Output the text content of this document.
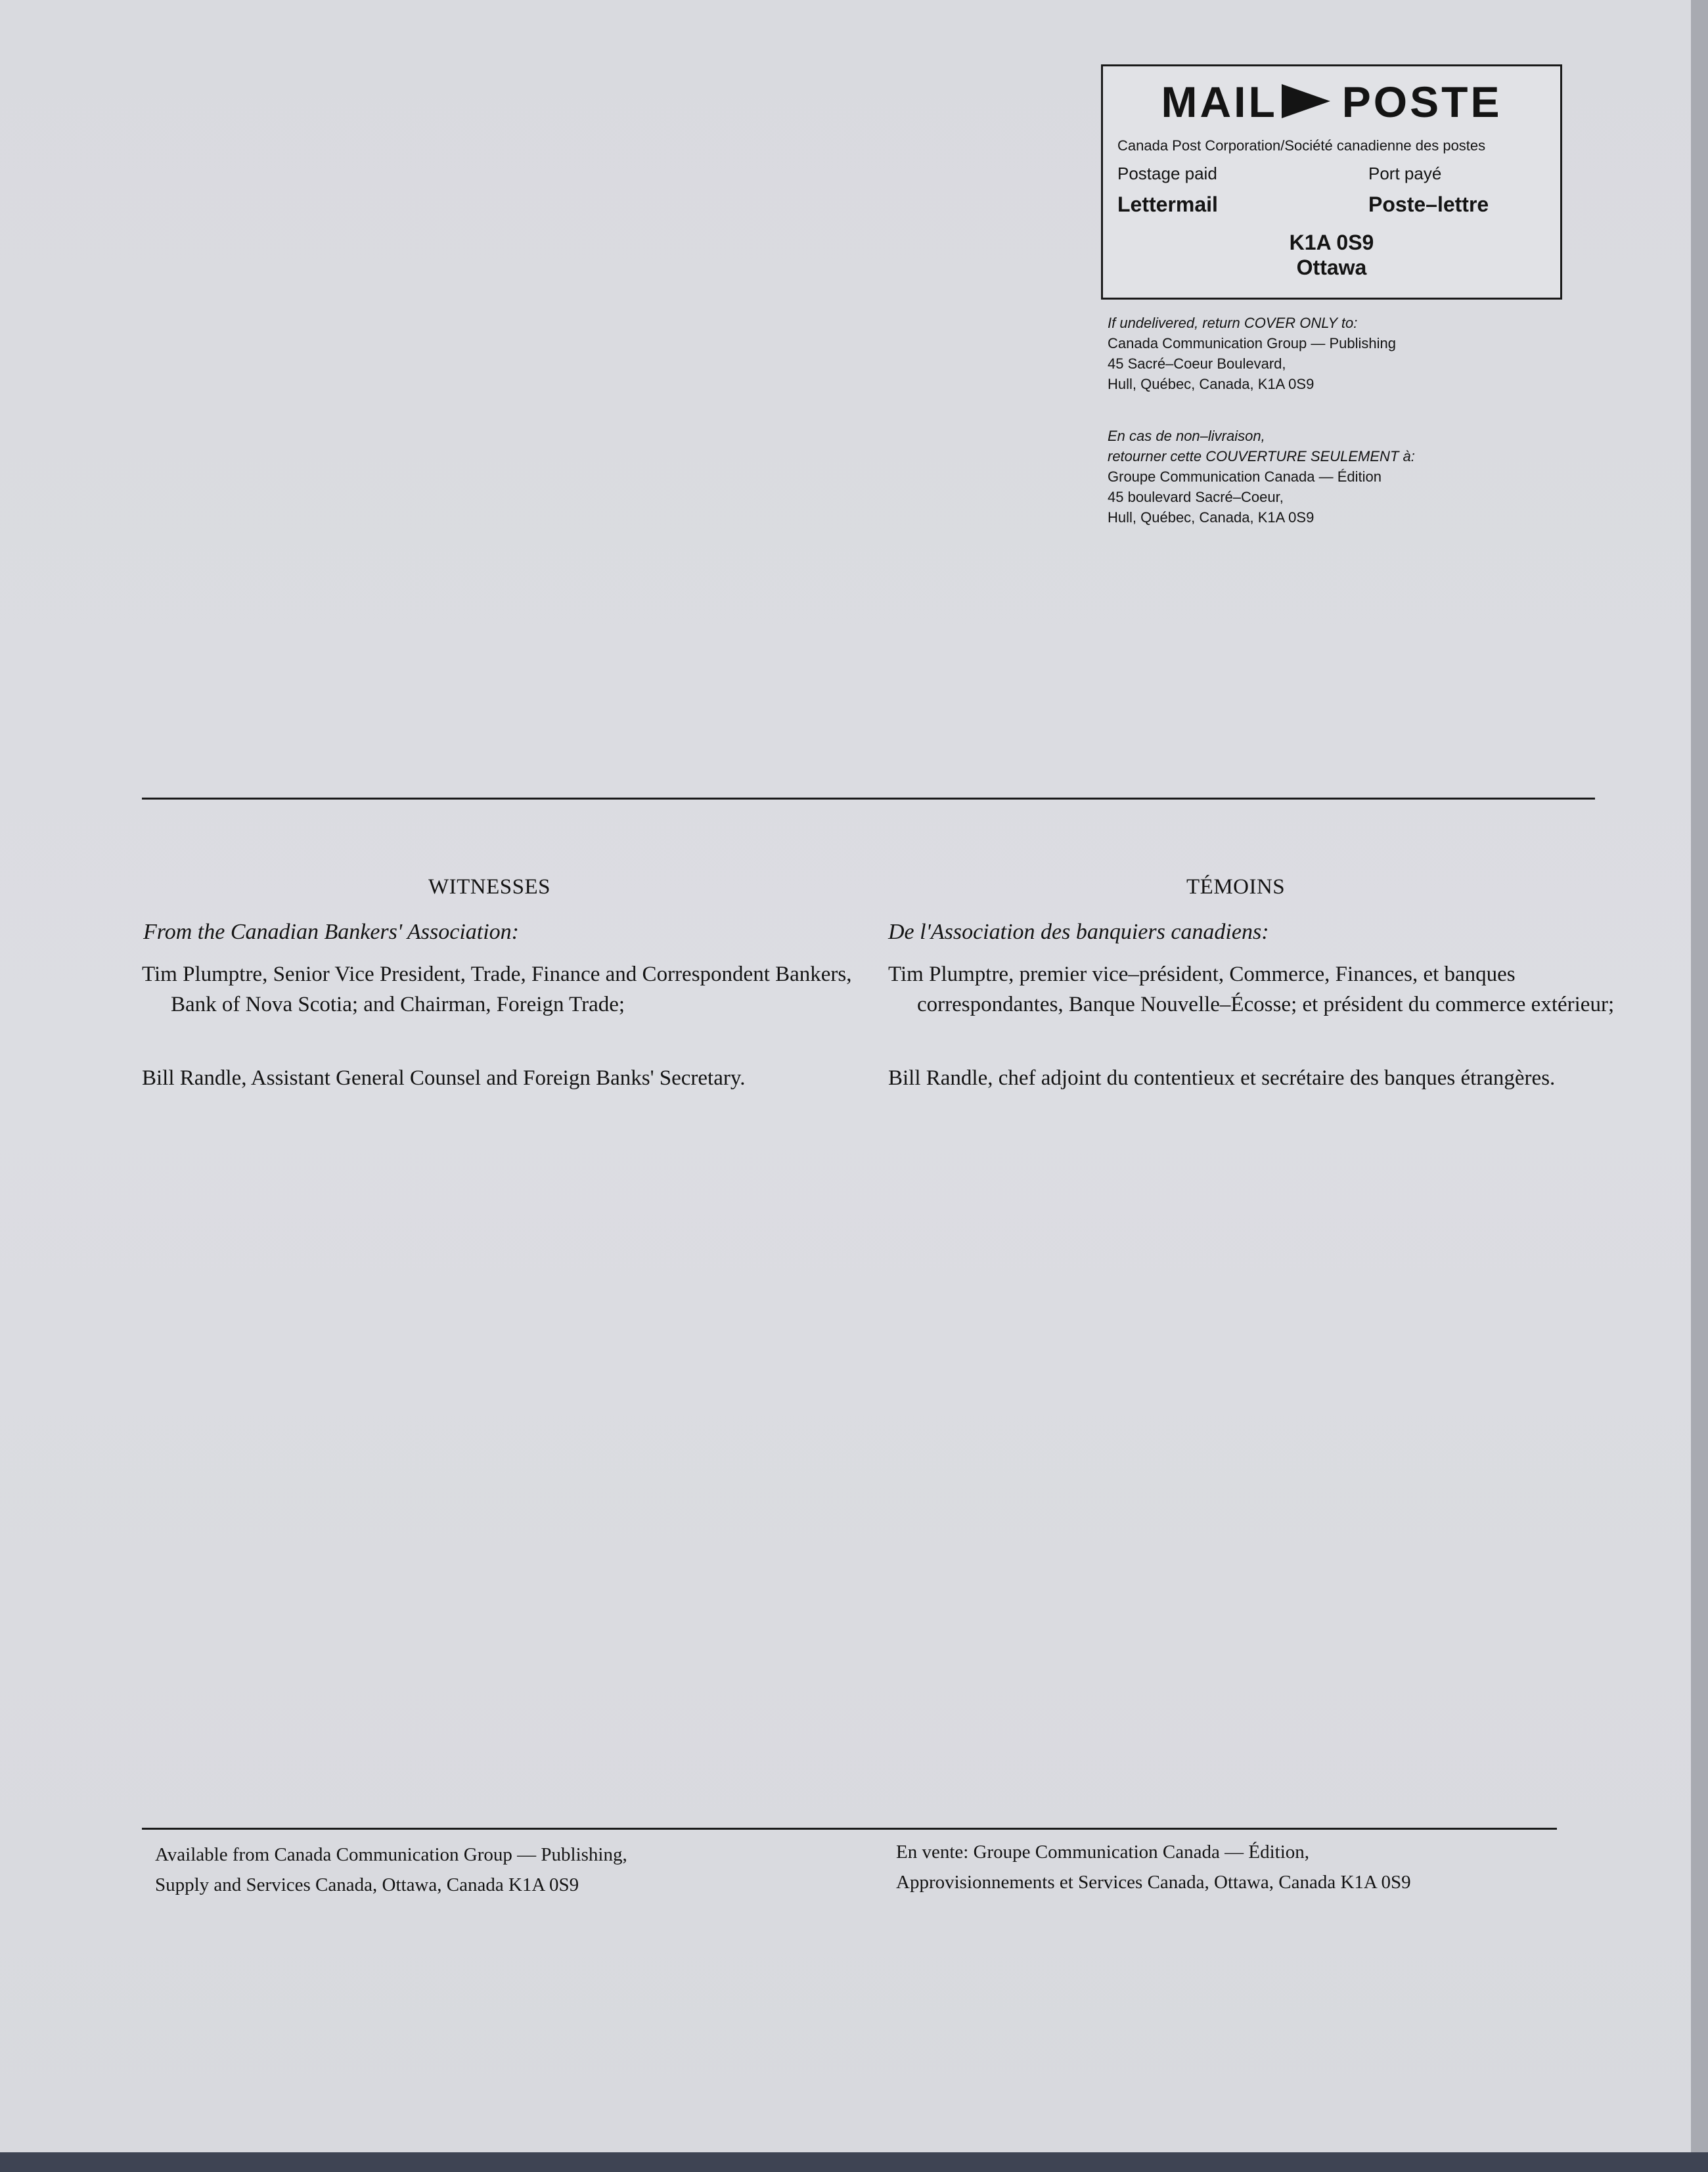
MAIL POSTE
Canada Post Corporation/Société canadienne des postes
Postage paid	Port payé
Lettermail	Poste–lettre
K1A 0S9
Ottawa
If undelivered, return COVER ONLY to:
Canada Communication Group — Publishing
45 Sacré–Coeur Boulevard,
Hull, Québec, Canada, K1A 0S9
En cas de non–livraison,
retourner cette COUVERTURE SEULEMENT à:
Groupe Communication Canada — Édition
45 boulevard Sacré–Coeur,
Hull, Québec, Canada, K1A 0S9
WITNESSES	TÉMOINS
From the Canadian Bankers' Association:	De l'Association des banquiers canadiens:
Tim Plumptre, Senior Vice President, Trade, Finance and Correspondent Bankers, Bank of Nova Scotia; and Chairman, Foreign Trade;
Bill Randle, Assistant General Counsel and Foreign Banks' Secretary.
Tim Plumptre, premier vice–président, Commerce, Finances, et banques correspondantes, Banque Nouvelle–Écosse; et président du commerce extérieur;
Bill Randle, chef adjoint du contentieux et secrétaire des banques étrangères.
Available from Canada Communication Group — Publishing,
Supply and Services Canada, Ottawa, Canada K1A 0S9
En vente: Groupe Communication Canada — Édition,
Approvisionnements et Services Canada, Ottawa, Canada K1A 0S9
